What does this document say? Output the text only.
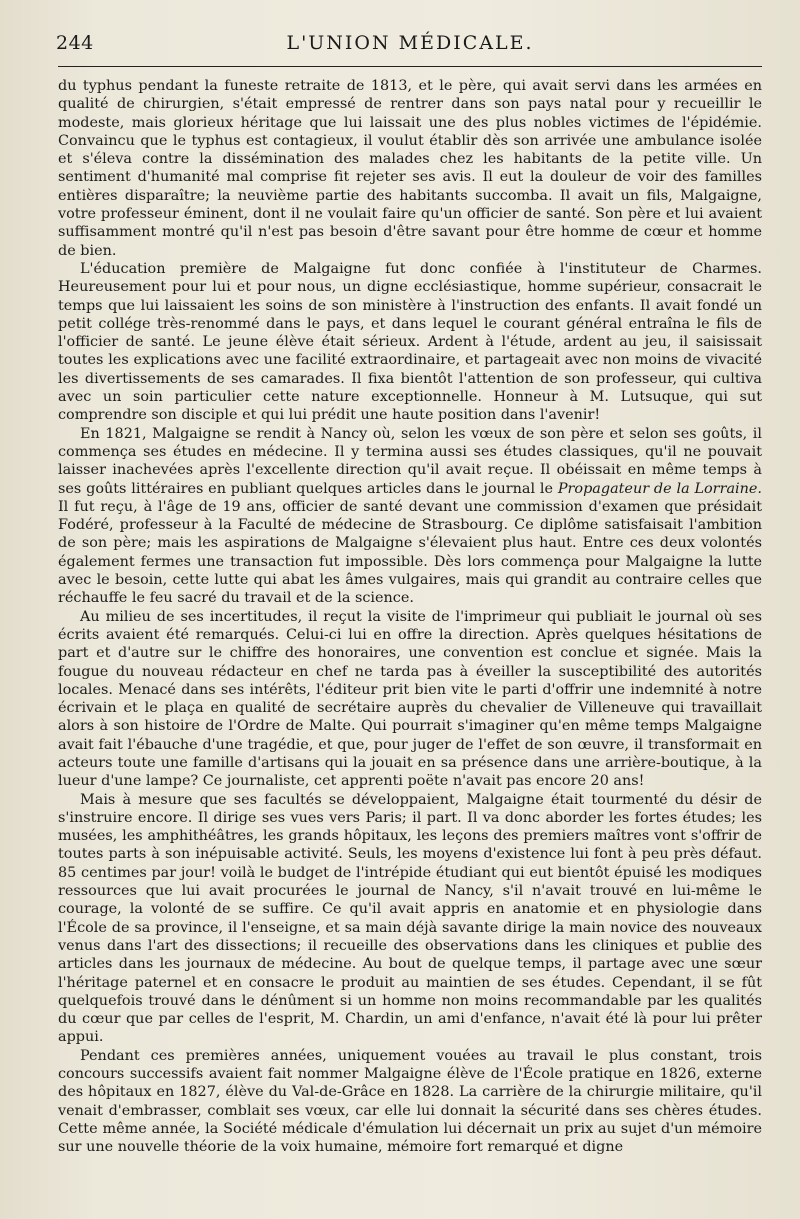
244	L'UNION MÉDICALE.

du typhus pendant la funeste retraite de 1813, et le père, qui avait servi dans les armées en qualité de chirurgien, s'était empressé de rentrer dans son pays natal pour y recueillir le modeste, mais glorieux héritage que lui laissait une des plus nobles victimes de l'épidémie. Convaincu que le typhus est contagieux, il voulut établir dès son arrivée une ambulance isolée et s'éleva contre la dissémination des malades chez les habitants de la petite ville. Un sentiment d'humanité mal comprise fit rejeter ses avis. Il eut la douleur de voir des familles entières disparaître; la neuvième partie des habitants succomba. Il avait un fils, Malgaigne, votre professeur éminent, dont il ne voulait faire qu'un officier de santé. Son père et lui avaient suffisamment montré qu'il n'est pas besoin d'être savant pour être homme de cœur et homme de bien.

L'éducation première de Malgaigne fut donc confiée à l'instituteur de Charmes. Heureusement pour lui et pour nous, un digne ecclésiastique, homme supérieur, consacrait le temps que lui laissaient les soins de son ministère à l'instruction des enfants. Il avait fondé un petit collége très-renommé dans le pays, et dans lequel le courant général entraîna le fils de l'officier de santé. Le jeune élève était sérieux. Ardent à l'étude, ardent au jeu, il saisissait toutes les explications avec une facilité extraordinaire, et partageait avec non moins de vivacité les divertissements de ses camarades. Il fixa bientôt l'attention de son professeur, qui cultiva avec un soin particulier cette nature exceptionnelle. Honneur à M. Lutsuque, qui sut comprendre son disciple et qui lui prédit une haute position dans l'avenir!

En 1821, Malgaigne se rendit à Nancy où, selon les vœux de son père et selon ses goûts, il commença ses études en médecine. Il y termina aussi ses études classiques, qu'il ne pouvait laisser inachevées après l'excellente direction qu'il avait reçue. Il obéissait en même temps à ses goûts littéraires en publiant quelques articles dans le journal le Propagateur de la Lorraine. Il fut reçu, à l'âge de 19 ans, officier de santé devant une commission d'examen que présidait Fodéré, professeur à la Faculté de médecine de Strasbourg. Ce diplôme satisfaisait l'ambition de son père; mais les aspirations de Malgaigne s'élevaient plus haut. Entre ces deux volontés également fermes une transaction fut impossible. Dès lors commença pour Malgaigne la lutte avec le besoin, cette lutte qui abat les âmes vulgaires, mais qui grandit au contraire celles que réchauffe le feu sacré du travail et de la science.

Au milieu de ses incertitudes, il reçut la visite de l'imprimeur qui publiait le journal où ses écrits avaient été remarqués. Celui-ci lui en offre la direction. Après quelques hésitations de part et d'autre sur le chiffre des honoraires, une convention est conclue et signée. Mais la fougue du nouveau rédacteur en chef ne tarda pas à éveiller la susceptibilité des autorités locales. Menacé dans ses intérêts, l'éditeur prit bien vite le parti d'offrir une indemnité à notre écrivain et le plaça en qualité de secrétaire auprès du chevalier de Villeneuve qui travaillait alors à son histoire de l'Ordre de Malte. Qui pourrait s'imaginer qu'en même temps Malgaigne avait fait l'ébauche d'une tragédie, et que, pour juger de l'effet de son œuvre, il transformait en acteurs toute une famille d'artisans qui la jouait en sa présence dans une arrière-boutique, à la lueur d'une lampe? Ce journaliste, cet apprenti poëte n'avait pas encore 20 ans!

Mais à mesure que ses facultés se développaient, Malgaigne était tourmenté du désir de s'instruire encore. Il dirige ses vues vers Paris; il part. Il va donc aborder les fortes études; les musées, les amphithéâtres, les grands hôpitaux, les leçons des premiers maîtres vont s'offrir de toutes parts à son inépuisable activité. Seuls, les moyens d'existence lui font à peu près défaut. 85 centimes par jour! voilà le budget de l'intrépide étudiant qui eut bientôt épuisé les modiques ressources que lui avait procurées le journal de Nancy, s'il n'avait trouvé en lui-même le courage, la volonté de se suffire. Ce qu'il avait appris en anatomie et en physiologie dans l'École de sa province, il l'enseigne, et sa main déjà savante dirige la main novice des nouveaux venus dans l'art des dissections; il recueille des observations dans les cliniques et publie des articles dans les journaux de médecine. Au bout de quelque temps, il partage avec une sœur l'héritage paternel et en consacre le produit au maintien de ses études. Cependant, il se fût quelquefois trouvé dans le dénûment si un homme non moins recommandable par les qualités du cœur que par celles de l'esprit, M. Chardin, un ami d'enfance, n'avait été là pour lui prêter appui.

Pendant ces premières années, uniquement vouées au travail le plus constant, trois concours successifs avaient fait nommer Malgaigne élève de l'École pratique en 1826, externe des hôpitaux en 1827, élève du Val-de-Grâce en 1828. La carrière de la chirurgie militaire, qu'il venait d'embrasser, comblait ses vœux, car elle lui donnait la sécurité dans ses chères études. Cette même année, la Société médicale d'émulation lui décernait un prix au sujet d'un mémoire sur une nouvelle théorie de la voix humaine, mémoire fort remarqué et digne
